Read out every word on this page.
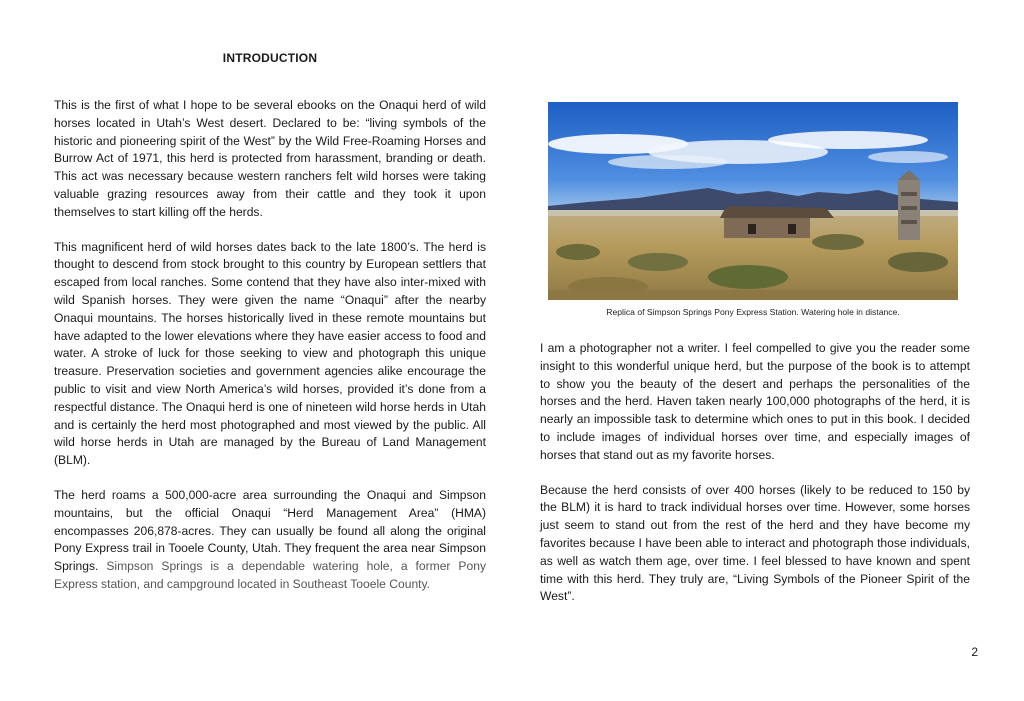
INTRODUCTION

This is the first of what I hope to be several ebooks on the Onaqui herd of wild horses located in Utah’s West desert. Declared to be: “living symbols of the historic and pioneering spirit of the West” by the Wild Free-Roaming Horses and Burrow Act of 1971, this herd is protected from harassment, branding or death. This act was necessary because western ranchers felt wild horses were taking valuable grazing resources away from their cattle and they took it upon themselves to start killing off the herds.

This magnificent herd of wild horses dates back to the late 1800’s. The herd is thought to descend from stock brought to this country by European settlers that escaped from local ranches. Some contend that they have also inter-mixed with wild Spanish horses. They were given the name “Onaqui” after the nearby Onaqui mountains. The horses historically lived in these remote mountains but have adapted to the lower elevations where they have easier access to food and water. A stroke of luck for those seeking to view and photograph this unique treasure. Preservation societies and government agencies alike encourage the public to visit and view North America’s wild horses, provided it’s done from a respectful distance. The Onaqui herd is one of nineteen wild horse herds in Utah and is certainly the herd most photographed and most viewed by the public. All wild horse herds in Utah are managed by the Bureau of Land Management (BLM).

The herd roams a 500,000-acre area surrounding the Onaqui and Simpson mountains, but the official Onaqui “Herd Management Area” (HMA) encompasses 206,878-acres. They can usually be found all along the original Pony Express trail in Tooele County, Utah. They frequent the area near Simpson Springs. Simpson Springs is a dependable watering hole, a former Pony Express station, and campground located in Southeast Tooele County.

Replica of Simpson Springs Pony Express Station. Watering hole in distance.

I am a photographer not a writer. I feel compelled to give you the reader some insight to this wonderful unique herd, but the purpose of the book is to attempt to show you the beauty of the desert and perhaps the personalities of the horses and the herd. Haven taken nearly 100,000 photographs of the herd, it is nearly an impossible task to determine which ones to put in this book. I decided to include images of individual horses over time, and especially images of horses that stand out as my favorite horses.

Because the herd consists of over 400 horses (likely to be reduced to 150 by the BLM) it is hard to track individual horses over time. However, some horses just seem to stand out from the rest of the herd and they have become my favorites because I have been able to interact and photograph those individuals, as well as watch them age, over time. I feel blessed to have known and spent time with this herd. They truly are, “Living Symbols of the Pioneer Spirit of the West”.

2
